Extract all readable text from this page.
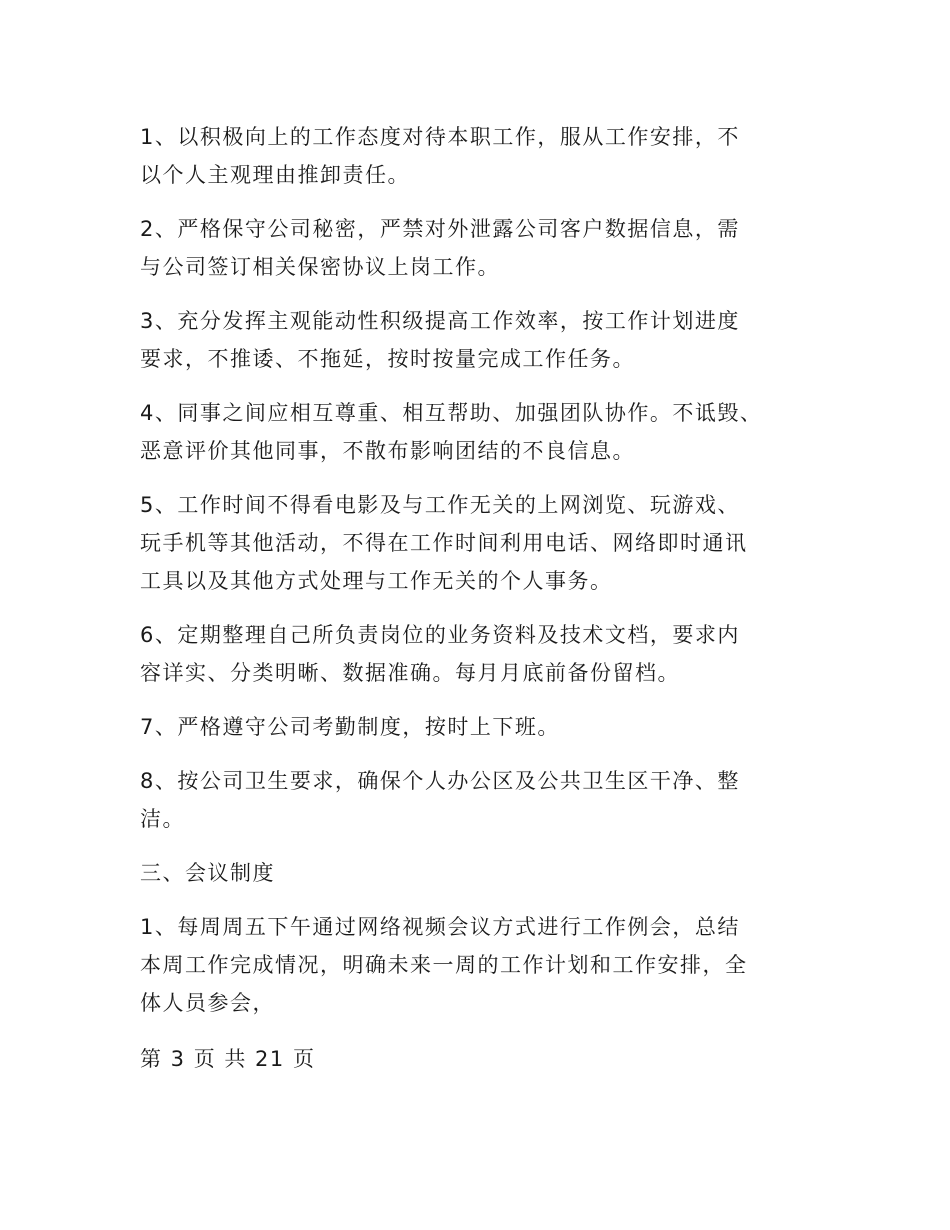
1、以积极向上的工作态度对待本职工作，服从工作安排，不
以个人主观理由推卸责任。

2、严格保守公司秘密，严禁对外泄露公司客户数据信息，需
与公司签订相关保密协议上岗工作。

3、充分发挥主观能动性积级提高工作效率，按工作计划进度
要求，不推诿、不拖延，按时按量完成工作任务。

4、同事之间应相互尊重、相互帮助、加强团队协作。不诋毁、
恶意评价其他同事，不散布影响团结的不良信息。

5、工作时间不得看电影及与工作无关的上网浏览、玩游戏、
玩手机等其他活动，不得在工作时间利用电话、网络即时通讯
工具以及其他方式处理与工作无关的个人事务。

6、定期整理自己所负责岗位的业务资料及技术文档，要求内
容详实、分类明晰、数据准确。每月月底前备份留档。

7、严格遵守公司考勤制度，按时上下班。

8、按公司卫生要求，确保个人办公区及公共卫生区干净、整
洁。

三、会议制度

1、每周周五下午通过网络视频会议方式进行工作例会，总结
本周工作完成情况，明确未来一周的工作计划和工作安排，全
体人员参会，

第 3 页 共 21 页
